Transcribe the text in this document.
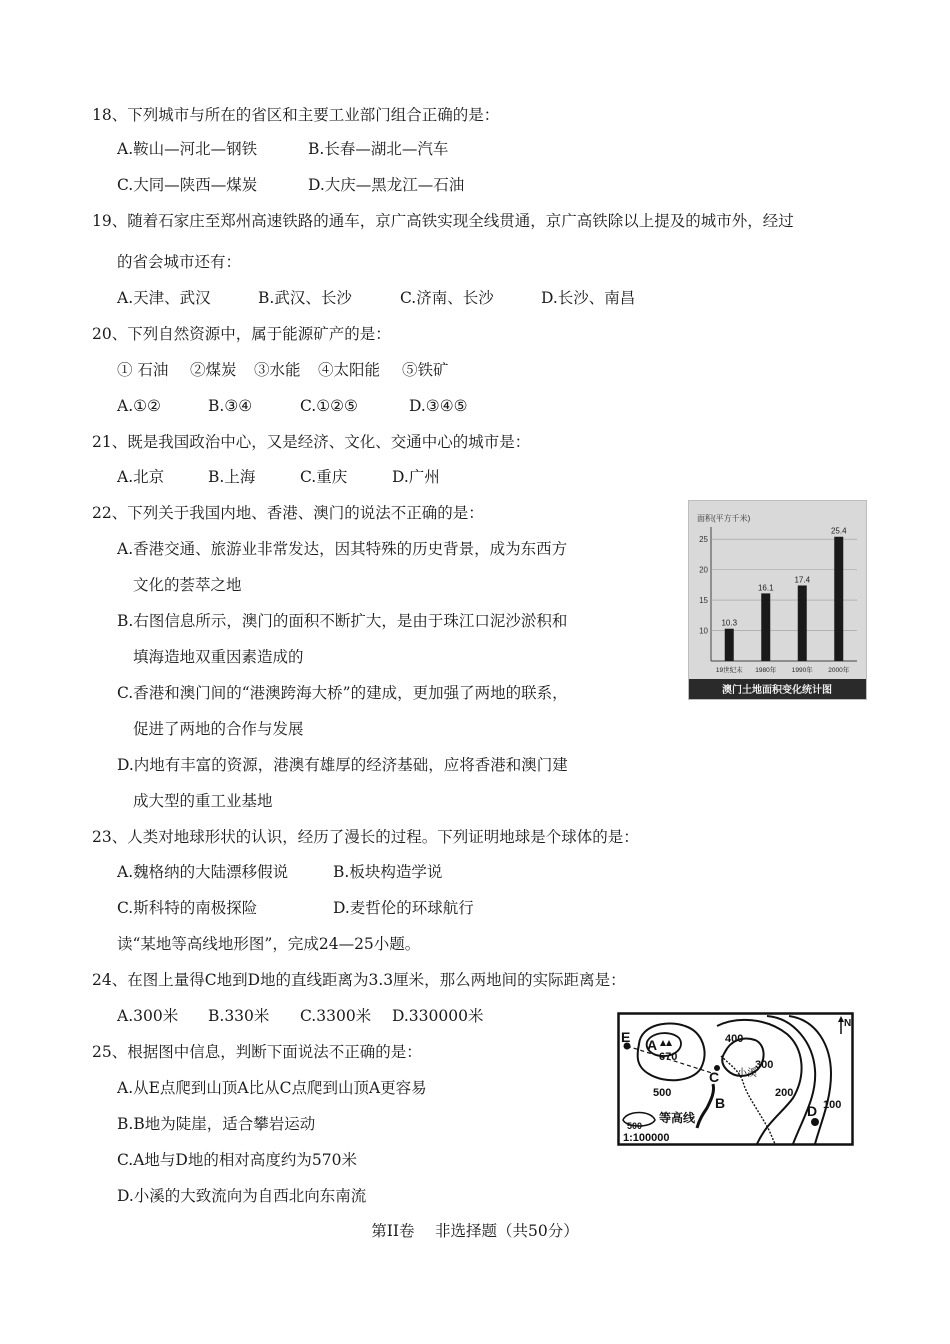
18、下列城市与所在的省区和主要工业部门组合正确的是：
A.鞍山—河北—钢铁	B.长春—湖北—汽车
C.大同—陕西—煤炭	D.大庆—黑龙江—石油
19、随着石家庄至郑州高速铁路的通车，京广高铁实现全线贯通，京广高铁除以上提及的城市外，经过
的省会城市还有：
A.天津、武汉	B.武汉、长沙	C.济南、长沙	D.长沙、南昌
20、下列自然资源中，属于能源矿产的是：
① 石油 ②煤炭 ③水能 ④太阳能 ⑤铁矿
A.①②	B.③④	C.①②⑤	D.③④⑤
21、既是我国政治中心，又是经济、文化、交通中心的城市是：
A.北京	B.上海	C.重庆	D.广州
22、下列关于我国内地、香港、澳门的说法不正确的是：
A.香港交通、旅游业非常发达，因其特殊的历史背景，成为东西方
文化的荟萃之地
B.右图信息所示，澳门的面积不断扩大，是由于珠江口泥沙淤积和
填海造地双重因素造成的
C.香港和澳门间的“港澳跨海大桥”的建成，更加强了两地的联系，
促进了两地的合作与发展
D.内地有丰富的资源，港澳有雄厚的经济基础，应将香港和澳门建
成大型的重工业基地
面积(平方千米)
10
15
20
25
10.3
16.1
17.4
25.4
19世纪末 1980年 1990年 2000年
澳门土地面积变化统计图
23、人类对地球形状的认识，经历了漫长的过程。下列证明地球是个球体的是：
A.魏格纳的大陆漂移假说	B.板块构造学说
C.斯科特的南极探险	D.麦哲伦的环球航行
读“某地等高线地形图”，完成24—25小题。
24、在图上量得C地到D地的直线距离为3.3厘米，那么两地间的实际距离是：
A.300米 B.330米 C.3300米 D.330000米
25、根据图中信息，判断下面说法不正确的是：
A.从E点爬到山顶A比从C点爬到山顶A更容易
B.B地为陡崖，适合攀岩运动
C.A地与D地的相对高度约为570米
D.小溪的大致流向为自西北向东南流
E A
C
B	D
670
500
400
300
200
100
小溪
N
500
等高线
1:100000
第II卷　 非选择题（共50分）
